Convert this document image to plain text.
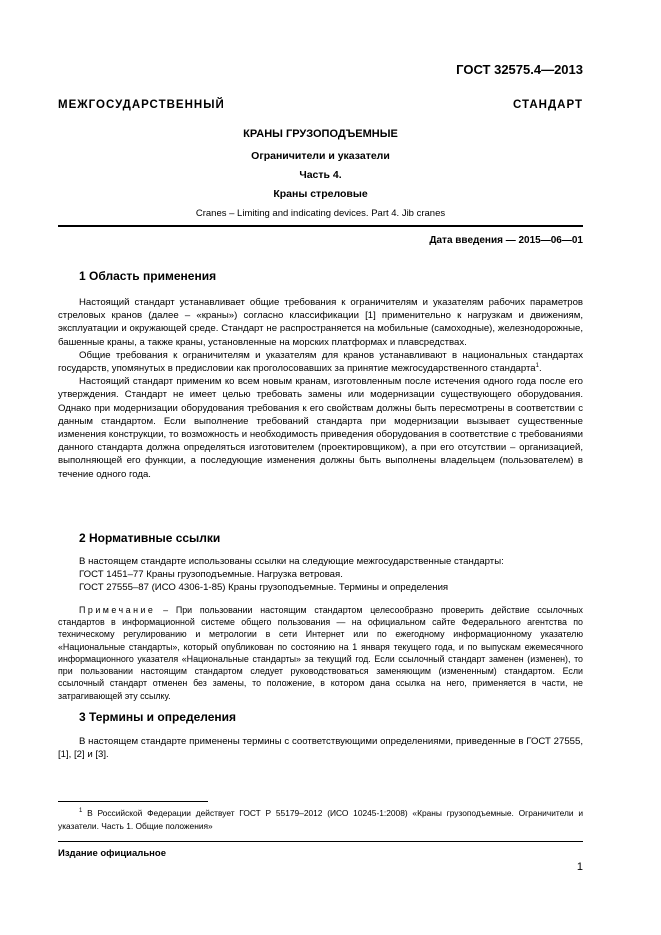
ГОСТ 32575.4—2013
МЕЖГОСУДАРСТВЕННЫЙ СТАНДАРТ
КРАНЫ ГРУЗОПОДЪЕМНЫЕ
Ограничители и указатели
Часть 4.
Краны стреловые
Cranes – Limiting and indicating devices. Part 4. Jib cranes
Дата введения — 2015—06—01
1 Область применения

Настоящий стандарт устанавливает общие требования к ограничителям и указателям рабочих параметров стреловых кранов (далее – «краны») согласно классификации [1] применительно к нагрузкам и движениям, эксплуатации и окружающей среде. Стандарт не распространяется на мобильные (самоходные), железнодорожные, башенные краны, а также краны, установленные на морских платформах и плавсредствах.

Общие требования к ограничителям и указателям для кранов устанавливают в национальных стандартах государств, упомянутых в предисловии как проголосовавших за принятие межгосударственного стандарта$^1$.

Настоящий стандарт применим ко всем новым кранам, изготовленным после истечения одного года после его утверждения. Стандарт не имеет целью требовать замены или модернизации существующего оборудования. Однако при модернизации оборудования требования к его свойствам должны быть пересмотрены в соответствии с данным стандартом. Если выполнение требований стандарта при модернизации вызывает существенные изменения конструкции, то возможность и необходимость приведения оборудования в соответствие с требованиями данного стандарта должна определяться изготовителем (проектировщиком), а при его отсутствии – организацией, выполняющей его функции, а последующие изменения должны быть выполнены владельцем (пользователем) в течение одного года.

2 Нормативные ссылки

В настоящем стандарте использованы ссылки на следующие межгосударственные стандарты:

ГОСТ 1451–77 Краны грузоподъемные. Нагрузка ветровая.

ГОСТ 27555–87 (ИСО 4306-1-85) Краны грузоподъемные. Термины и определения

Примечание – При пользовании настоящим стандартом целесообразно проверить действие ссылочных стандартов в информационной системе общего пользования — на официальном сайте Федерального агентства по техническому регулированию и метрологии в сети Интернет или по ежегодному информационному указателю «Национальные стандарты», который опубликован по состоянию на 1 января текущего года, и по выпускам ежемесячного информационного указателя «Национальные стандарты» за текущий год. Если ссылочный стандарт заменен (изменен), то при пользовании настоящим стандартом следует руководствоваться заменяющим (измененным) стандартом. Если ссылочный стандарт отменен без замены, то положение, в котором дана ссылка на него, применяется в части, не затрагивающей эту ссылку.

3 Термины и определения

В настоящем стандарте применены термины с соответствующими определениями, приведенные в ГОСТ 27555, [1], [2] и [3].

$^1$ В Российской Федерации действует ГОСТ Р 55179–2012 (ИСО 10245-1:2008) «Краны грузоподъемные. Ограничители и указатели. Часть 1. Общие положения»

Издание официальное
1
